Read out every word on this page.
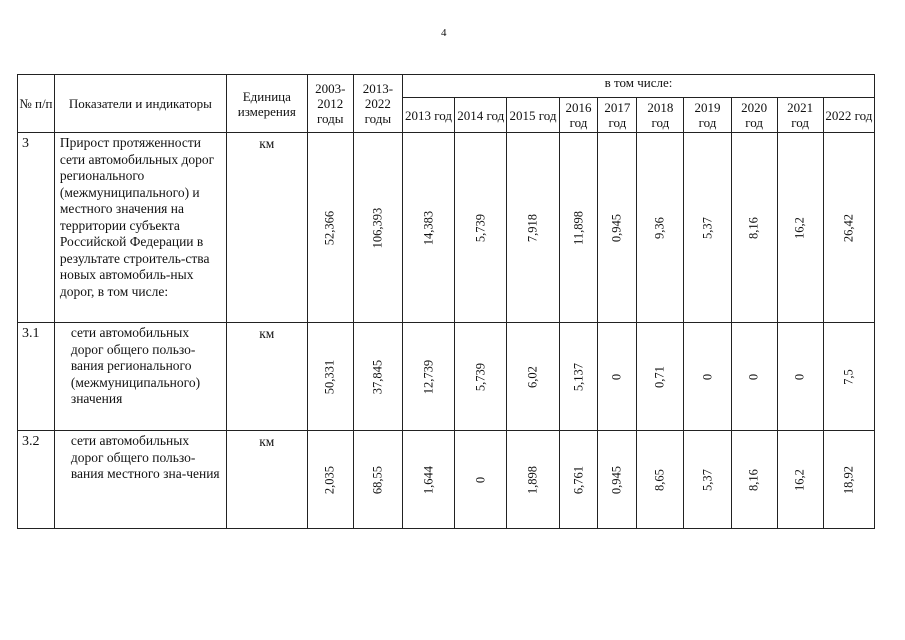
4
№ п/п	Показатели и индикаторы	Единица измерения	2003-2012 годы	2013-2022 годы	в том числе:									
					2013 год	2014 год	2015 год	2016 год	2017 год	2018 год	2019 год	2020 год	2021 год	2022 год
3	Прирост протяженности сети автомобильных дорог регионального (межмуниципального) и местного значения на территории субъекта Российской Федерации в результате строитель-ства новых автомобиль-ных дорог, в том числе:	км	52,366	106,393	14,383	5,739	7,918	11,898	0,945	9,36	5,37	8,16	16,2	26,42

3.1	сети автомобильных дорог общего пользо-вания регионального (межмуниципального) значения	км	50,331	37,845	12,739	5,739	6,02	5,137	0	0,71	0	0	0	7,5

3.2	сети автомобильных дорог общего пользо-вания местного зна-чения	км	2,035	68,55	1,644	0	1,898	6,761	0,945	8,65	5,37	8,16	16,2	18,92
